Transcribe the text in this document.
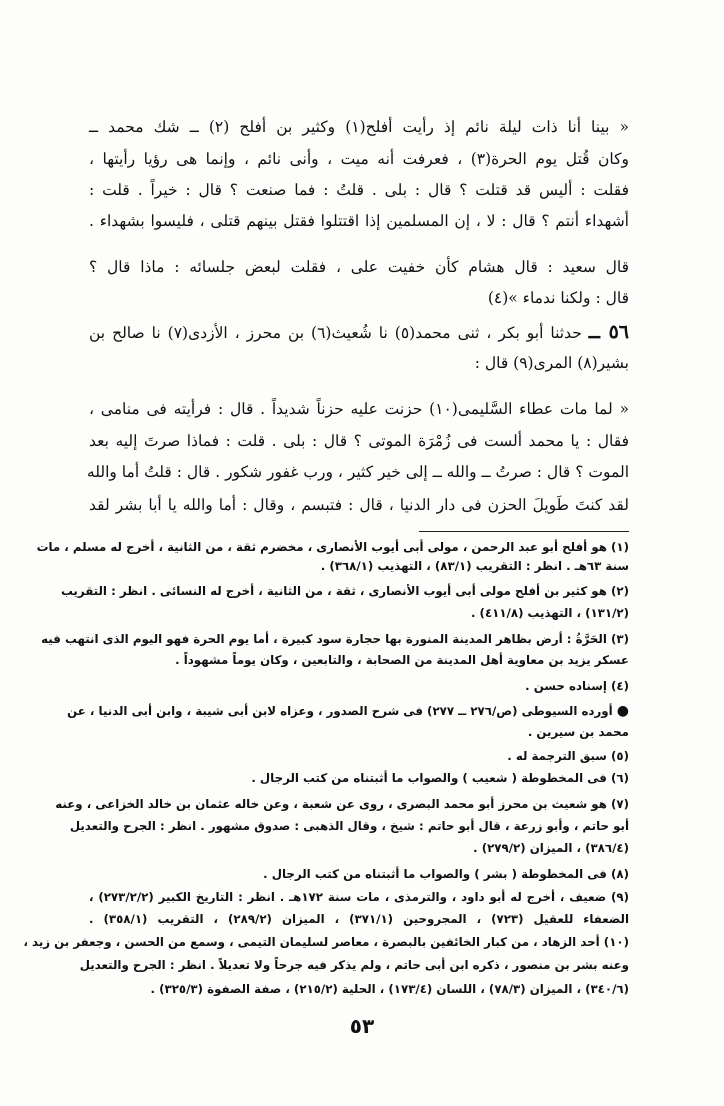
« بينا أنا ذات ليلة نائم إذ رأيت أفلح(١) وكثير بن أفلح (٢) ــ شك محمد ــ
وكان قُتل يوم الحرة(٣) ، فعرفت أنه ميت ، وأنى نائم ، وإنما هى رؤيا رأيتها ،
فقلت : أليس قد قتلت ؟ قال : بلى . قلتُ : فما صنعت ؟ قال : خيراً . قلت :
أشهداء أنتم ؟ قال : لا ، إن المسلمين إذا اقتتلوا فقتل بينهم قتلى ، فليسوا بشهداء .
قال سعيد : قال هشام كأن خفيت على ، فقلت لبعض جلسائه : ماذا قال ؟
قال : ولكنا ندماء »(٤)
٥٦ ــ حدثنا أبو بكر ، ثنى محمد(٥) نا شُعيث(٦) بن محرز ، الأزدى(٧) نا صالح بن
بشير(٨) المرى(٩) قال :
« لما مات عطاء السَّليمى(١٠) حزنت عليه حزناً شديداً . قال : فرأيته فى منامى ،
فقال : يا محمد ألست فى زُمْرَة الموتى ؟ قال : بلى . قلت : فماذا صرتَ إليه بعد
الموت ؟ قال : صرتُ ــ والله ــ إلى خير كثير ، ورب غفور شكور . قال : قلتُ أما والله
لقد كنتَ طَويلَ الحزن فى دار الدنيا ، قال : فتبسم ، وقال : أما والله يا أبا بشر لقد
(١) هو أفلح أبو عبد الرحمن ، مولى أبى أيوب الأنصارى ، مخضرم ثقة ، من الثانية ، أخرج له مسلم ، مات
سنة ٦٣هـ . انظر : التقريب (٨٣/١) ، التهذيب (٣٦٨/١) .
(٢) هو كثير بن أفلح مولى أبى أيوب الأنصارى ، ثقة ، من الثانية ، أخرج له النسائى . انظر : التقريب
(١٣١/٢) ، التهذيب (٤١١/٨) .
(٣) الحَرَّةُ : أرض بظاهر المدينة المنورة بها حجارة سود كبيرة ، أما يوم الحرة فهو اليوم الذى انتهب فيه
عسكر يزيد بن معاوية أهل المدينة من الصحابة ، والتابعين ، وكان يوماً مشهوداً .
(٤) إسناده حسن .
● أورده السيوطى (ص/٢٧٦ ــ ٢٧٧) فى شرح الصدور ، وعزاه لابن أبى شيبة ، وابن أبى الدنيا ، عن
محمد بن سيرين .
(٥) سبق الترجمة له .
(٦) فى المخطوطة ( شعيب ) والصواب ما أثبتناه من كتب الرجال .
(٧) هو شعيث بن محرز أبو محمد البصرى ، روى عن شعبة ، وعن خاله عثمان بن خالد الخزاعى ، وعنه
أبو حاتم ، وأبو زرعة ، قال أبو حاتم : شيخ ، وقال الذهبى : صدوق مشهور . انظر : الجرح والتعديل
(٣٨٦/٤) ، الميزان (٢٧٩/٢) .
(٨) فى المخطوطة ( بشر ) والصواب ما أثبتناه من كتب الرجال .
(٩) ضعيف ، أخرج له أبو داود ، والترمذى ، مات سنة ١٧٢هـ . انظر : التاريخ الكبير (٢٧٣/٢/٢) ،
الضعفاء للعقيل (٧٢٣) ، المجروحين (٣٧١/١) ، الميزان (٢٨٩/٢) ، التقريب (٣٥٨/١) .
(١٠) أحد الزهاد ، من كبار الخائفين بالبصرة ، معاصر لسليمان التيمى ، وسمع من الحسن ، وجعفر بن زيد ،
وعنه بشر بن منصور ، ذكره ابن أبى حاتم ، ولم يذكر فيه جرحاً ولا تعديلاً . انظر : الجرح والتعديل
(٣٤٠/٦) ، الميزان (٧٨/٣) ، اللسان (١٧٣/٤) ، الحلية (٢١٥/٢) ، صفة الصفوة (٣٢٥/٣) .
٥٣
